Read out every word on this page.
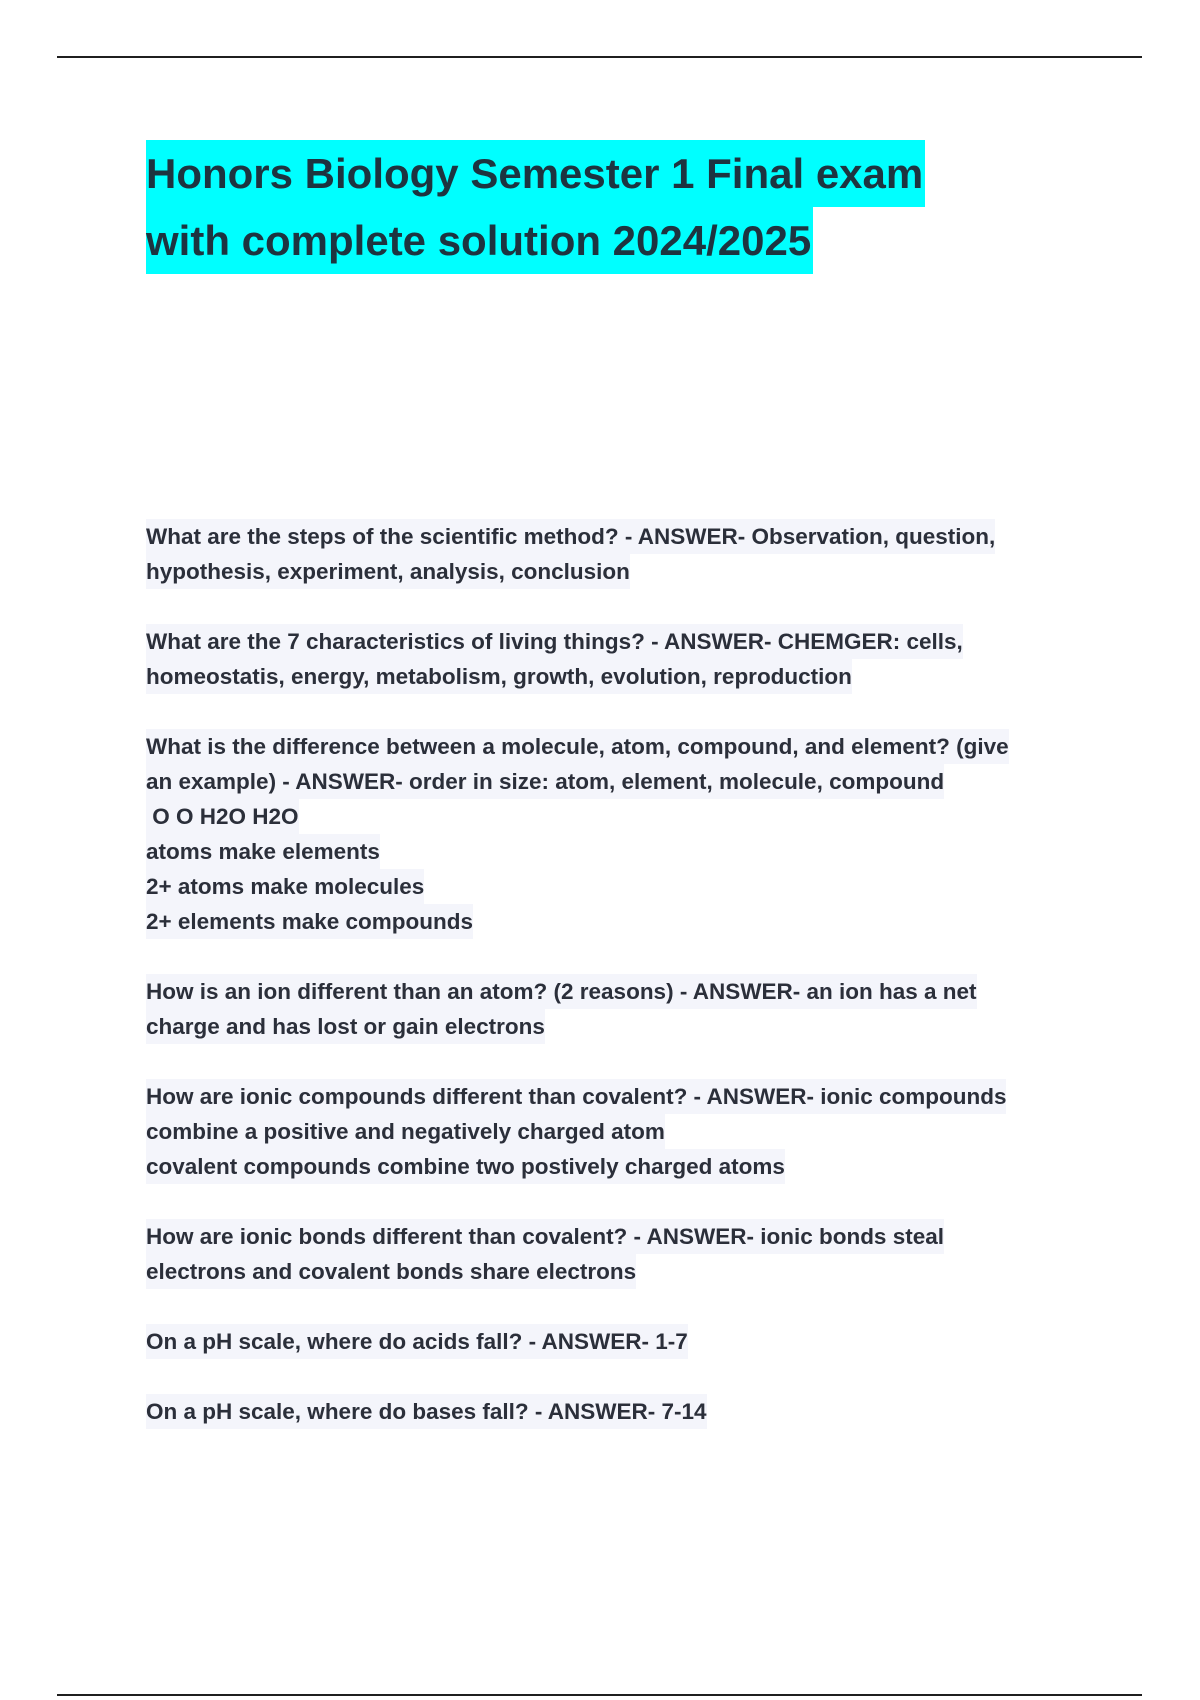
Honors Biology Semester 1 Final exam
with complete solution 2024/2025

What are the steps of the scientific method? - ANSWER- Observation, question,
hypothesis, experiment, analysis, conclusion

What are the 7 characteristics of living things? - ANSWER- CHEMGER: cells,
homeostatis, energy, metabolism, growth, evolution, reproduction

What is the difference between a molecule, atom, compound, and element? (give
an example) - ANSWER- order in size: atom, element, molecule, compound
O O H2O H2O
atoms make elements
2+ atoms make molecules
2+ elements make compounds

How is an ion different than an atom? (2 reasons) - ANSWER- an ion has a net
charge and has lost or gain electrons

How are ionic compounds different than covalent? - ANSWER- ionic compounds
combine a positive and negatively charged atom
covalent compounds combine two postively charged atoms

How are ionic bonds different than covalent? - ANSWER- ionic bonds steal
electrons and covalent bonds share electrons

On a pH scale, where do acids fall? - ANSWER- 1-7

On a pH scale, where do bases fall? - ANSWER- 7-14
